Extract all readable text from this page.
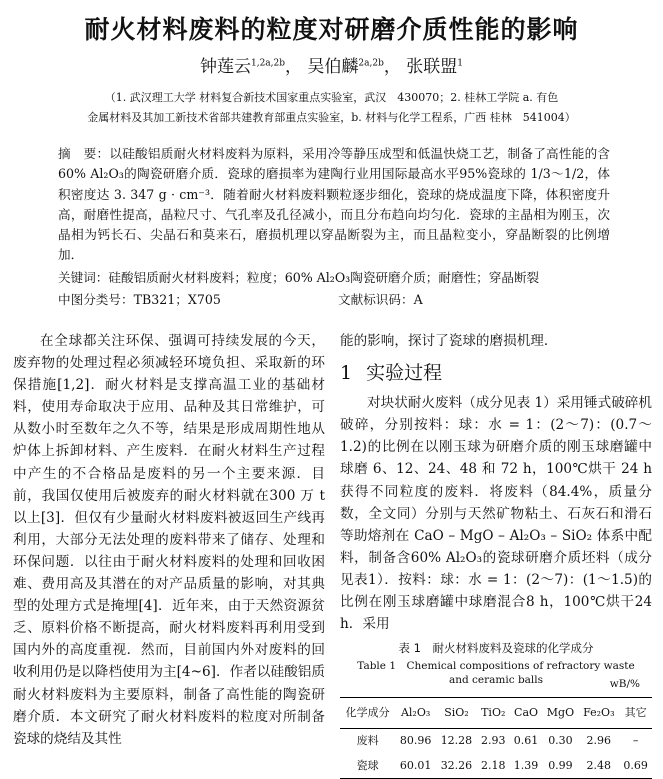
耐火材料废料的粒度对研磨介质性能的影响
钟莲云$^{1,2a,2b}$， 吴伯麟$^{2a,2b}$， 张联盟$^1$
（1. 武汉理工大学 材料复合新技术国家重点实验室，武汉　430070；2. 桂林工学院 a. 有色
金属材料及其加工新技术省部共建教育部重点实验室，b. 材料与化学工程系，广西 桂林　541004）
摘　要：以硅酸铝质耐火材料废料为原料，采用冷等静压成型和低温快烧工艺，制备了高性能的含60% Al₂O₃的陶瓷研磨介质．瓷球的磨损率为建陶行业用国际最高水平95%瓷球的 1/3～1/2，体积密度达 3. 347 g · cm⁻³．随着耐火材料废料颗粒逐步细化，瓷球的烧成温度下降，体积密度升高，耐磨性提高，晶粒尺寸、气孔率及孔径减小，而且分布趋向均匀化．瓷球的主晶相为刚玉，次晶相为钙长石、尖晶石和莫来石，磨损机理以穿晶断裂为主，而且晶粒变小，穿晶断裂的比例增加．
关键词：硅酸铝质耐火材料废料；粒度；60% Al₂O₃陶瓷研磨介质；耐磨性；穿晶断裂
中图分类号：TB321；X705	文献标识码：A

在全球都关注环保、强调可持续发展的今天，废弃物的处理过程必须减轻环境负担、采取新的环保措施[1,2]．耐火材料是支撑高温工业的基础材料，使用寿命取决于应用、品种及其日常维护，可从数小时至数年之久不等，结果是形成周期性地从炉体上拆卸材料、产生废料．在耐火材料生产过程中产生的不合格品是废料的另一个主要来源．目前，我国仅使用后被废弃的耐火材料就在300 万 t 以上[3]．但仅有少量耐火材料废料被返回生产线再利用，大部分无法处理的废料带来了储存、处理和环保问题．以往由于耐火材料废料的处理和回收困难、费用高及其潜在的对产品质量的影响，对其典型的处理方式是掩埋[4]．近年来，由于天然资源贫乏、原料价格不断提高，耐火材料废料再利用受到国内外的高度重视．然而，目前国内外对废料的回收利用仍是以降档使用为主[4~6]．作者以硅酸铝质耐火材料废料为主要原料，制备了高性能的陶瓷研磨介质．本文研究了耐火材料废料的粒度对所制备瓷球的烧结及其性

能的影响，探讨了瓷球的磨损机理．
1 实验过程

对块状耐火废料（成分见表 1）采用锤式破碎机破碎，分别按料：球：水 = 1：(2～7)：(0.7～1.2)的比例在以刚玉球为研磨介质的刚玉球磨罐中球磨 6、12、24、48 和 72 h，100℃烘干 24 h 获得不同粒度的废料．将废料（84.4%，质量分数，全文同）分别与天然矿物粘土、石灰石和滑石等助熔剂在 CaO – MgO – Al₂O₃ – SiO₂ 体系中配料，制备含60% Al₂O₃的瓷球研磨介质坯料（成分见表1）．按料：球：水 = 1：(2～7)：(1～1.5)的比例在刚玉球磨罐中球磨混合8 h，100℃烘干24 h．采用

表 1　耐火材料废料及瓷球的化学成分
Table 1　Chemical compositions of refractory waste
and ceramic balls	wB/%
化学成分	Al₂O₃	SiO₂	TiO₂	CaO	MgO	Fe₂O₃	其它
废料	80.96	12.28	2.93	0.61	0.30	2.96	–
瓷球	60.01	32.26	2.18	1.39	0.99	2.48	0.69
